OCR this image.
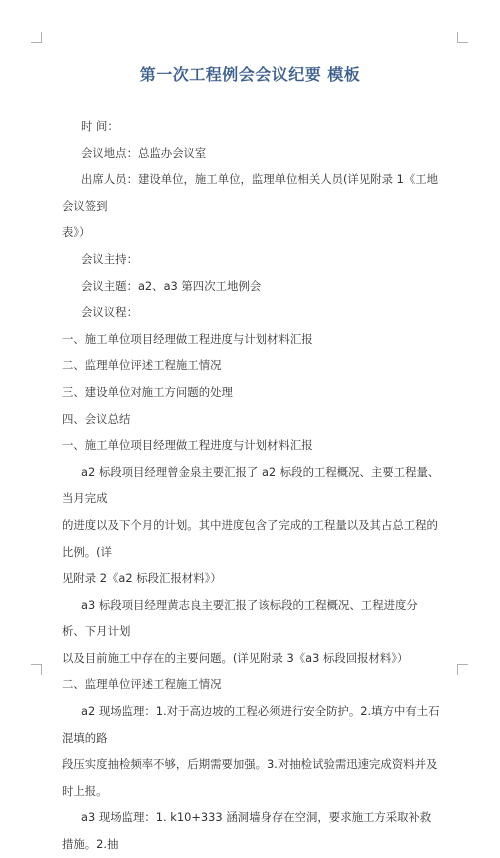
第一次工程例会会议纪要 模板

时 间：

会议地点：总监办会议室

出席人员：建设单位，施工单位，监理单位相关人员(详见附录 1《工地会议签到

表》）

会议主持：

会议主题：a2、a3 第四次工地例会

会议议程：

一、施工单位项目经理做工程进度与计划材料汇报

二、监理单位评述工程施工情况

三、建设单位对施工方问题的处理

四、会议总结

一、施工单位项目经理做工程进度与计划材料汇报

a2 标段项目经理曾金泉主要汇报了 a2 标段的工程概况、主要工程量、当月完成

的进度以及下个月的计划。其中进度包含了完成的工程量以及其占总工程的比例。(详

见附录 2《a2 标段汇报材料》）

a3 标段项目经理黄志良主要汇报了该标段的工程概况、工程进度分析、下月计划

以及目前施工中存在的主要问题。(详见附录 3《a3 标段回报材料》）

二、监理单位评述工程施工情况

a2 现场监理：1.对于高边坡的工程必须进行安全防护。2.填方中有土石混填的路

段压实度抽检频率不够，后期需要加强。3.对抽检试验需迅速完成资料并及时上报。

a3 现场监理：1. k10+333 涵洞墙身存在空洞，要求施工方采取补救措施。2.抽
